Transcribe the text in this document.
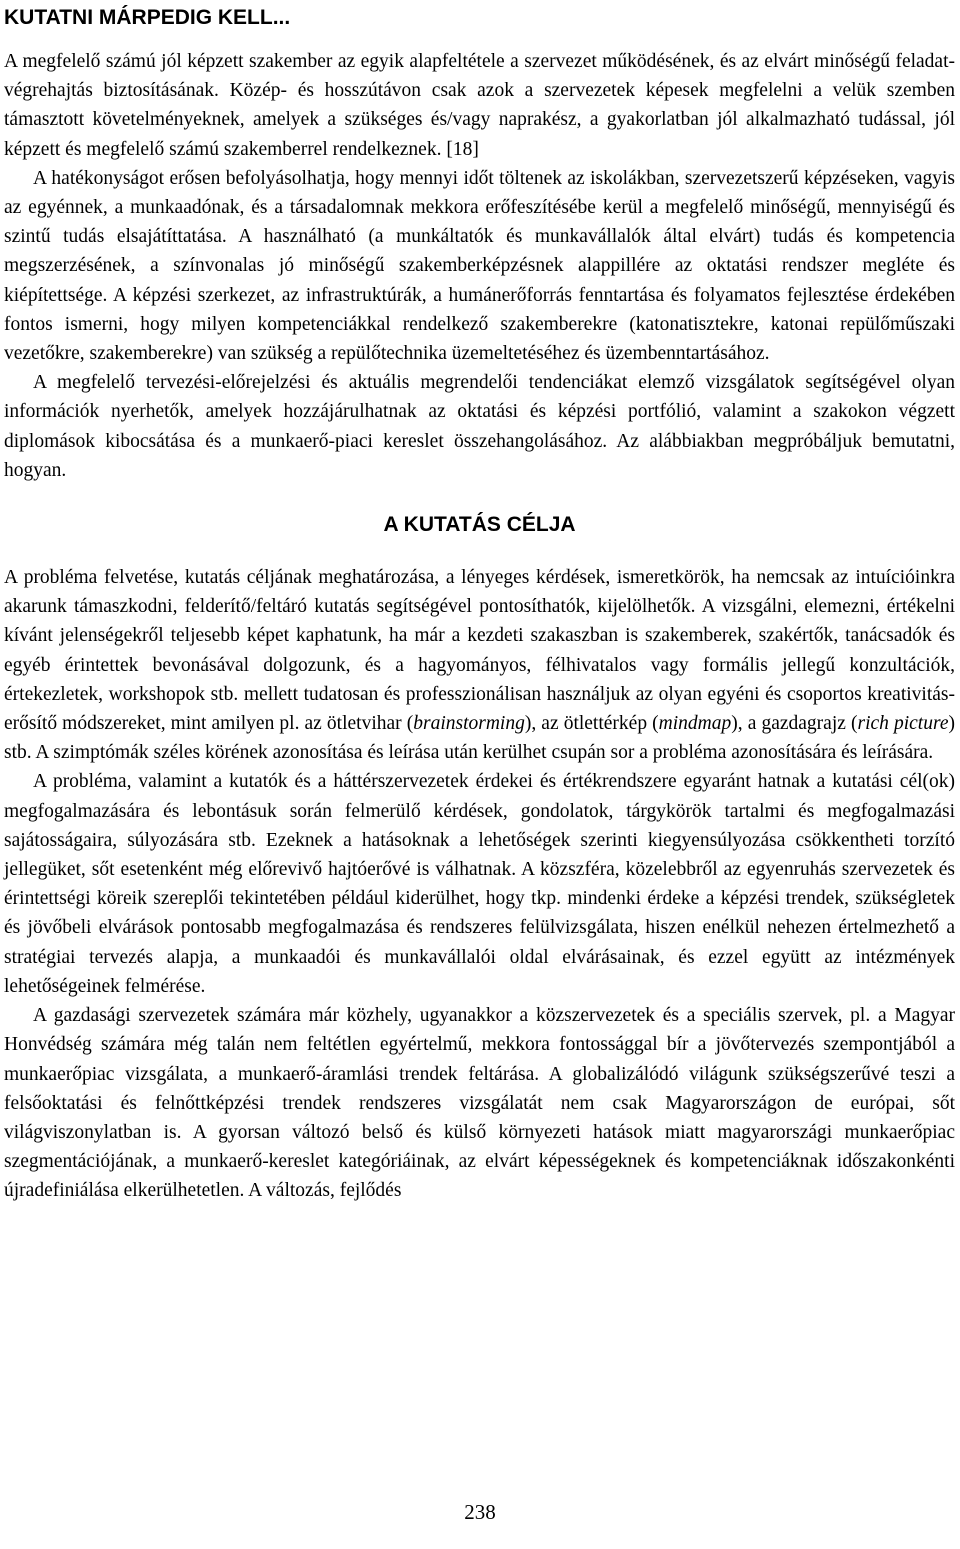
KUTATNI MÁRPEDIG KELL...

A megfelelő számú jól képzett szakember az egyik alapfeltétele a szervezet működésének, és az elvárt minőségű feladat-végrehajtás biztosításának. Közép- és hosszútávon csak azok a szervezetek képesek megfelelni a velük szemben támasztott követelményeknek, amelyek a szükséges és/vagy naprakész, a gyakorlatban jól alkalmazható tudással, jól képzett és megfelelő számú szakemberrel rendelkeznek. [18]

A hatékonyságot erősen befolyásolhatja, hogy mennyi időt töltenek az iskolákban, szervezetszerű képzéseken, vagyis az egyénnek, a munkaadónak, és a társadalomnak mekkora erőfeszítésébe kerül a megfelelő minőségű, mennyiségű és szintű tudás elsajátíttatása. A használható (a munkáltatók és munkavállalók által elvárt) tudás és kompetencia megszerzésének, a színvonalas jó minőségű szakemberképzésnek alappillére az oktatási rendszer megléte és kiépítettsége. A képzési szerkezet, az infrastruktúrák, a humánerőforrás fenntartása és folyamatos fejlesztése érdekében fontos ismerni, hogy milyen kompetenciákkal rendelkező szakemberekre (katonatisztekre, katonai repülőműszaki vezetőkre, szakemberekre) van szükség a repülőtechnika üzemeltetéséhez és üzembenntartásához.

A megfelelő tervezési-előrejelzési és aktuális megrendelői tendenciákat elemző vizsgálatok segítségével olyan információk nyerhetők, amelyek hozzájárulhatnak az oktatási és képzési portfólió, valamint a szakokon végzett diplomások kibocsátása és a munkaerő-piaci kereslet összehangolásához. Az alábbiakban megpróbáljuk bemutatni, hogyan.

A KUTATÁS CÉLJA

A probléma felvetése, kutatás céljának meghatározása, a lényeges kérdések, ismeretkörök, ha nemcsak az intuícióinkra akarunk támaszkodni, felderítő/feltáró kutatás segítségével pontosíthatók, kijelölhetők. A vizsgálni, elemezni, értékelni kívánt jelenségekről teljesebb képet kaphatunk, ha már a kezdeti szakaszban is szakemberek, szakértők, tanácsadók és egyéb érintettek bevonásával dolgozunk, és a hagyományos, félhivatalos vagy formális jellegű konzultációk, értekezletek, workshopok stb. mellett tudatosan és professzionálisan használjuk az olyan egyéni és csoportos kreativitás-erősítő módszereket, mint amilyen pl. az ötletvihar (brainstorming), az ötlettérkép (mindmap), a gazdagrajz (rich picture) stb. A szimptómák széles körének azonosítása és leírása után kerülhet csupán sor a probléma azonosítására és leírására.

A probléma, valamint a kutatók és a háttérszervezetek érdekei és értékrendszere egyaránt hatnak a kutatási cél(ok) megfogalmazására és lebontásuk során felmerülő kérdések, gondolatok, tárgykörök tartalmi és megfogalmazási sajátosságaira, súlyozására stb. Ezeknek a hatásoknak a lehetőségek szerinti kiegyensúlyozása csökkentheti torzító jellegüket, sőt esetenként még előrevivő hajtóerővé is válhatnak. A közszféra, közelebbről az egyenruhás szervezetek és érintettségi köreik szereplői tekintetében például kiderülhet, hogy tkp. mindenki érdeke a képzési trendek, szükségletek és jövőbeli elvárások pontosabb megfogalmazása és rendszeres felülvizsgálata, hiszen enélkül nehezen értelmezhető a stratégiai tervezés alapja, a munkaadói és munkavállalói oldal elvárásainak, és ezzel együtt az intézmények lehetőségeinek felmérése.

A gazdasági szervezetek számára már közhely, ugyanakkor a közszervezetek és a speciális szervek, pl. a Magyar Honvédség számára még talán nem feltétlen egyértelmű, mekkora fontossággal bír a jövőtervezés szempontjából a munkaerőpiac vizsgálata, a munkaerő-áramlási trendek feltárása. A globalizálódó világunk szükségszerűvé teszi a felsőoktatási és felnőttképzési trendek rendszeres vizsgálatát nem csak Magyarországon de európai, sőt világviszonylatban is. A gyorsan változó belső és külső környezeti hatások miatt magyarországi munkaerőpiac szegmentációjának, a munkaerő-kereslet kategóriáinak, az elvárt képességeknek és kompetenciáknak időszakonkénti újradefiniálása elkerülhetetlen. A változás, fejlődés

238
